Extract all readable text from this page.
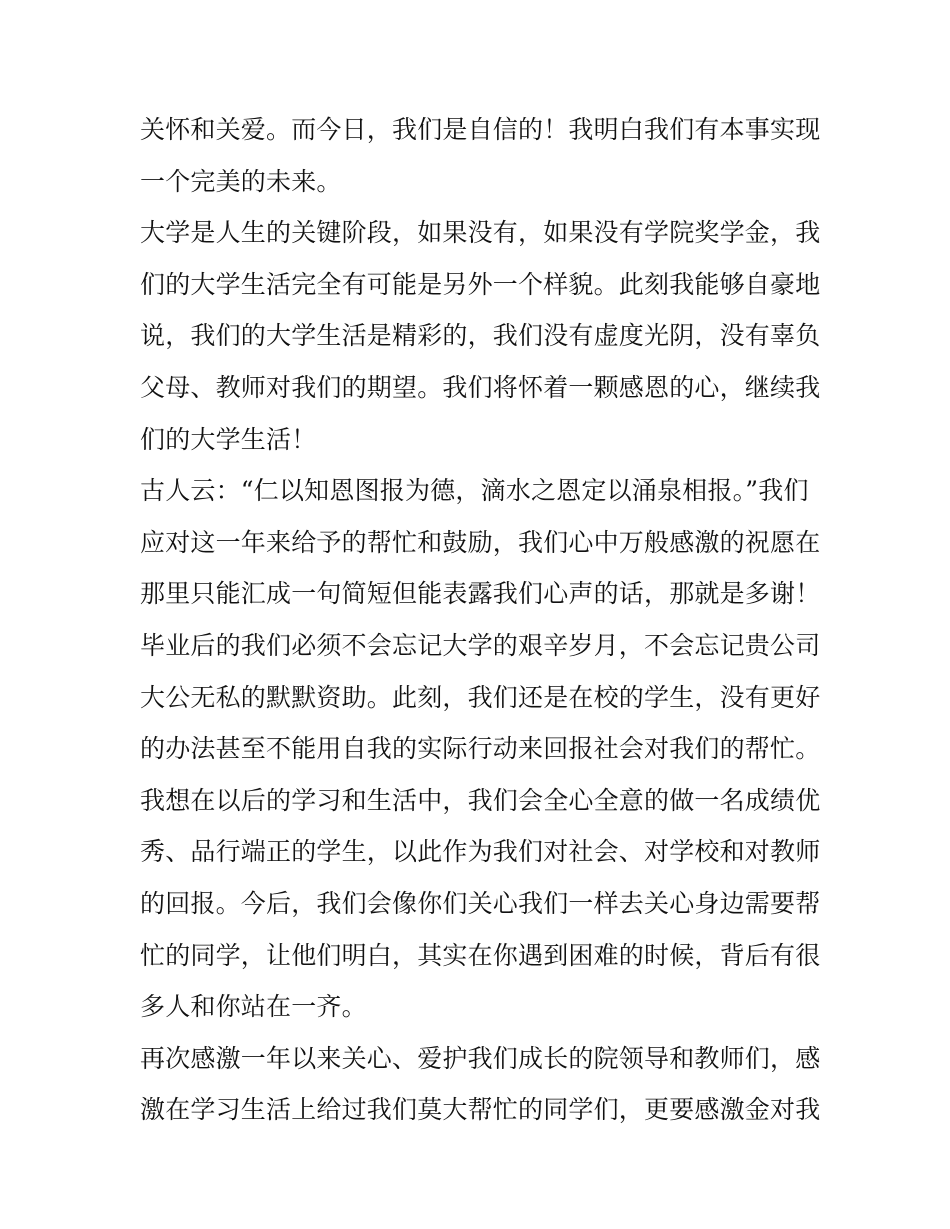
关怀和关爱。而今日，我们是自信的！我明白我们有本事实现
一个完美的未来。
大学是人生的关键阶段，如果没有，如果没有学院奖学金，我
们的大学生活完全有可能是另外一个样貌。此刻我能够自豪地
说，我们的大学生活是精彩的，我们没有虚度光阴，没有辜负
父母、教师对我们的期望。我们将怀着一颗感恩的心，继续我
们的大学生活！
古人云：“仁以知恩图报为德，滴水之恩定以涌泉相报。”我们
应对这一年来给予的帮忙和鼓励，我们心中万般感激的祝愿在
那里只能汇成一句简短但能表露我们心声的话，那就是多谢！
毕业后的我们必须不会忘记大学的艰辛岁月，不会忘记贵公司
大公无私的默默资助。此刻，我们还是在校的学生，没有更好
的办法甚至不能用自我的实际行动来回报社会对我们的帮忙。
我想在以后的学习和生活中，我们会全心全意的做一名成绩优
秀、品行端正的学生，以此作为我们对社会、对学校和对教师
的回报。今后，我们会像你们关心我们一样去关心身边需要帮
忙的同学，让他们明白，其实在你遇到困难的时候，背后有很
多人和你站在一齐。
再次感激一年以来关心、爱护我们成长的院领导和教师们，感
激在学习生活上给过我们莫大帮忙的同学们，更要感激金对我
